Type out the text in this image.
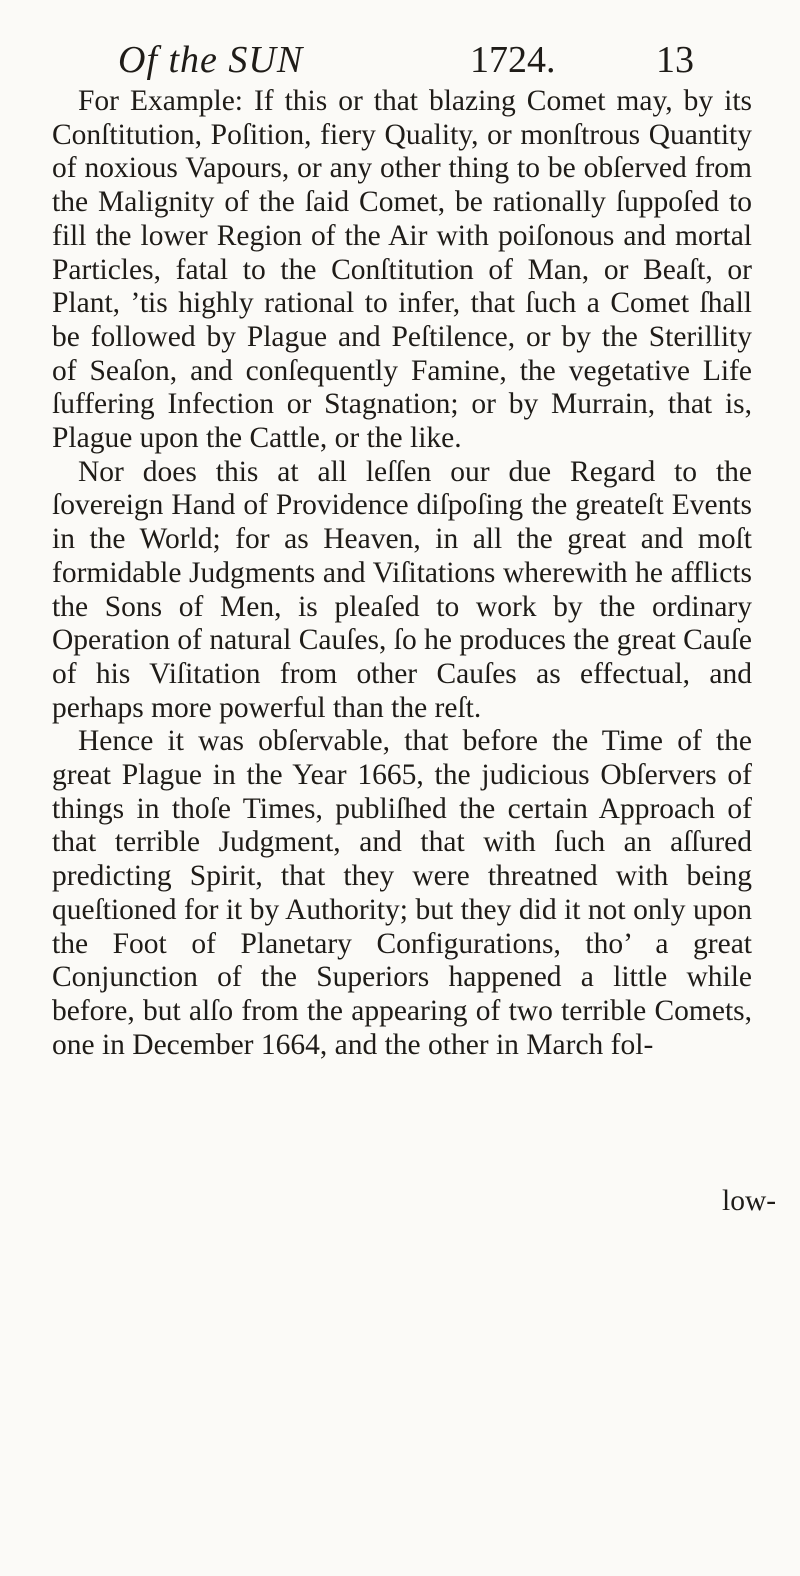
Of the SUN	1724.	13

For Example: If this or that blazing Comet may, by its Conſtitution, Poſition, fiery Quality, or monſtrous Quantity of noxious Vapours, or any other thing to be obſerved from the Malignity of the ſaid Comet, be rationally ſuppoſed to fill the lower Region of the Air with poiſonous and mortal Particles, fatal to the Conſtitution of Man, or Beaſt, or Plant, ’tis highly rational to infer, that ſuch a Comet ſhall be followed by Plague and Peſtilence, or by the Sterillity of Seaſon, and conſequently Famine, the vegetative Life ſuffering Infection or Stagnation; or by Murrain, that is, Plague upon the Cattle, or the like.

Nor does this at all leſſen our due Regard to the ſovereign Hand of Providence diſpoſing the greateſt Events in the World; for as Heaven, in all the great and moſt formidable Judgments and Viſitations wherewith he afflicts the Sons of Men, is pleaſed to work by the ordinary Operation of natural Cauſes, ſo he produces the great Cauſe of his Viſitation from other Cauſes as effectual, and perhaps more powerful than the reſt.

Hence it was obſervable, that before the Time of the great Plague in the Year 1665, the judicious Obſervers of things in thoſe Times, publiſhed the certain Approach of that terrible Judgment, and that with ſuch an aſſured predicting Spirit, that they were threatned with being queſtioned for it by Authority; but they did it not only upon the Foot of Planetary Configurations, tho’ a great Conjunction of the Superiors happened a little while before, but alſo from the appearing of two terrible Comets, one in December 1664, and the other in March fol-

low-
